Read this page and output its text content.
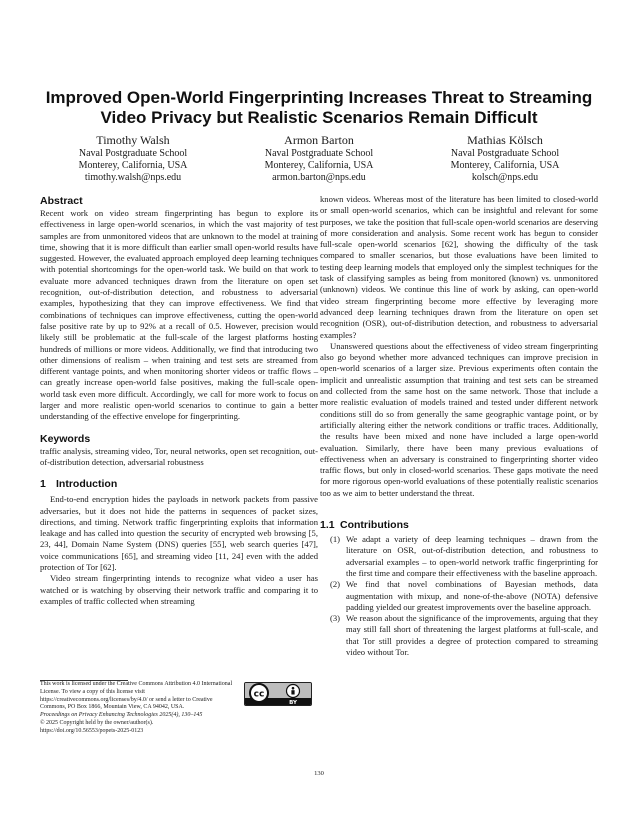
Improved Open-World Fingerprinting Increases Threat to Streaming Video Privacy but Realistic Scenarios Remain Difficult
Timothy Walsh
Naval Postgraduate School
Monterey, California, USA
timothy.walsh@nps.edu
Armon Barton
Naval Postgraduate School
Monterey, California, USA
armon.barton@nps.edu
Mathias Kölsch
Naval Postgraduate School
Monterey, California, USA
kolsch@nps.edu
Abstract

Recent work on video stream fingerprinting has begun to explore its effectiveness in large open-world scenarios, in which the vast majority of test samples are from unmonitored videos that are unknown to the model at training time, showing that it is more difficult than earlier small open-world results have suggested. However, the evaluated approach employed deep learning techniques with potential shortcomings for the open-world task. We build on that work to evaluate more advanced techniques drawn from the literature on open set recognition, out-of-distribution detection, and robustness to adversarial examples, hypothesizing that they can improve effectiveness. We find that combinations of techniques can improve effectiveness, cutting the open-world false positive rate by up to 92% at a recall of 0.5. However, precision would likely still be problematic at the full-scale of the largest platforms hosting hundreds of millions or more videos. Additionally, we find that introducing two other dimensions of realism – when training and test sets are streamed from different vantage points, and when monitoring shorter videos or traffic flows – can greatly increase open-world false positives, making the full-scale open-world task even more difficult. Accordingly, we call for more work to focus on larger and more realistic open-world scenarios to continue to gain a better understanding of the effective envelope for fingerprinting.

Keywords

traffic analysis, streaming video, Tor, neural networks, open set recognition, out-of-distribution detection, adversarial robustness

1 Introduction

End-to-end encryption hides the payloads in network packets from passive adversaries, but it does not hide the patterns in sequences of packet sizes, directions, and timing. Network traffic fingerprinting exploits that information leakage and has called into question the security of encrypted web browsing [5, 23, 44], Domain Name System (DNS) queries [55], web search queries [47], voice communications [65], and streaming video [11, 24] even with the added protection of Tor [62].

Video stream fingerprinting intends to recognize what video a user has watched or is watching by observing their network traffic and comparing it to examples of traffic collected when streaming

known videos. Whereas most of the literature has been limited to closed-world or small open-world scenarios, which can be insightful and relevant for some purposes, we take the position that full-scale open-world scenarios are deserving of more consideration and analysis. Some recent work has begun to consider full-scale open-world scenarios [62], showing the difficulty of the task compared to smaller scenarios, but those evaluations have been limited to testing deep learning models that employed only the simplest techniques for the task of classifying samples as being from monitored (known) vs. unmonitored (unknown) videos. We continue this line of work by asking, can open-world video stream fingerprinting become more effective by leveraging more advanced deep learning techniques drawn from the literature on open set recognition (OSR), out-of-distribution detection, and robustness to adversarial examples?

Unanswered questions about the effectiveness of video stream fingerprinting also go beyond whether more advanced techniques can improve precision in open-world scenarios of a larger size. Previous experiments often contain the implicit and unrealistic assumption that training and test sets can be streamed and collected from the same host on the same network. Those that include a more realistic evaluation of models trained and tested under different network conditions still do so from generally the same geographic vantage point, or by artificially altering either the network conditions or traffic traces. Additionally, the results have been mixed and none have included a large open-world evaluation. Similarly, there have been many previous evaluations of effectiveness when an adversary is constrained to fingerprinting shorter video traffic flows, but only in closed-world scenarios. These gaps motivate the need for more rigorous open-world evaluations of these potentially realistic scenarios too as we aim to better understand the threat.

1.1 Contributions
(1) We adapt a variety of deep learning techniques – drawn from the literature on OSR, out-of-distribution detection, and robustness to adversarial examples – to open-world network traffic fingerprinting for the first time and compare their effectiveness with the baseline approach.
(2) We find that novel combinations of Bayesian methods, data augmentation with mixup, and none-of-the-above (NOTA) defensive padding yielded our greatest improvements over the baseline approach.
(3) We reason about the significance of the improvements, arguing that they may still fall short of threatening the largest platforms at full-scale, and that Tor still provides a degree of protection compared to streaming video without Tor.
This work is licensed under the Creative Commons Attribution 4.0 International License. To view a copy of this license visit https://creativecommons.org/licenses/by/4.0/ or send a letter to Creative Commons, PO Box 1866, Mountain View, CA 94042, USA.
Proceedings on Privacy Enhancing Technologies 2025(4), 130–145
© 2025 Copyright held by the owner/author(s).
https://doi.org/10.56553/popets-2025-0123
cc
BY
130
